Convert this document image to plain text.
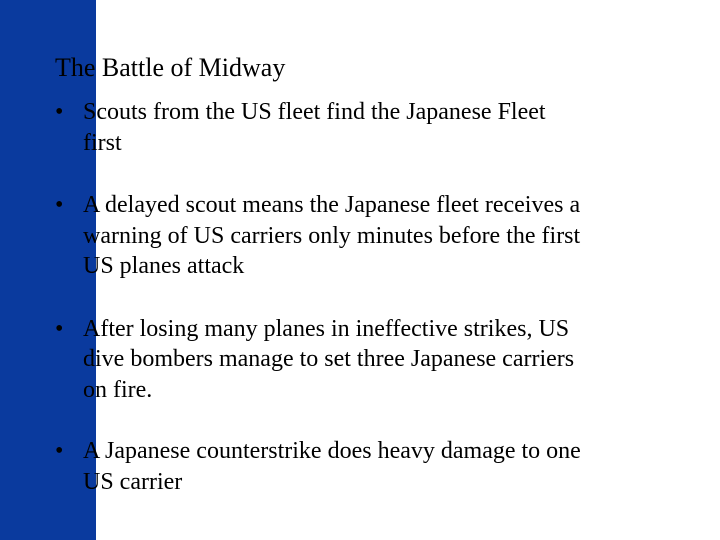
The Battle of Midway
• Scouts from the US fleet find the Japanese Fleet
first
• A delayed scout means the Japanese fleet receives a
warning of US carriers only minutes before the first
US planes attack
• After losing many planes in ineffective strikes, US
dive bombers manage to set three Japanese carriers
on fire.
• A Japanese counterstrike does heavy damage to one
US carrier
